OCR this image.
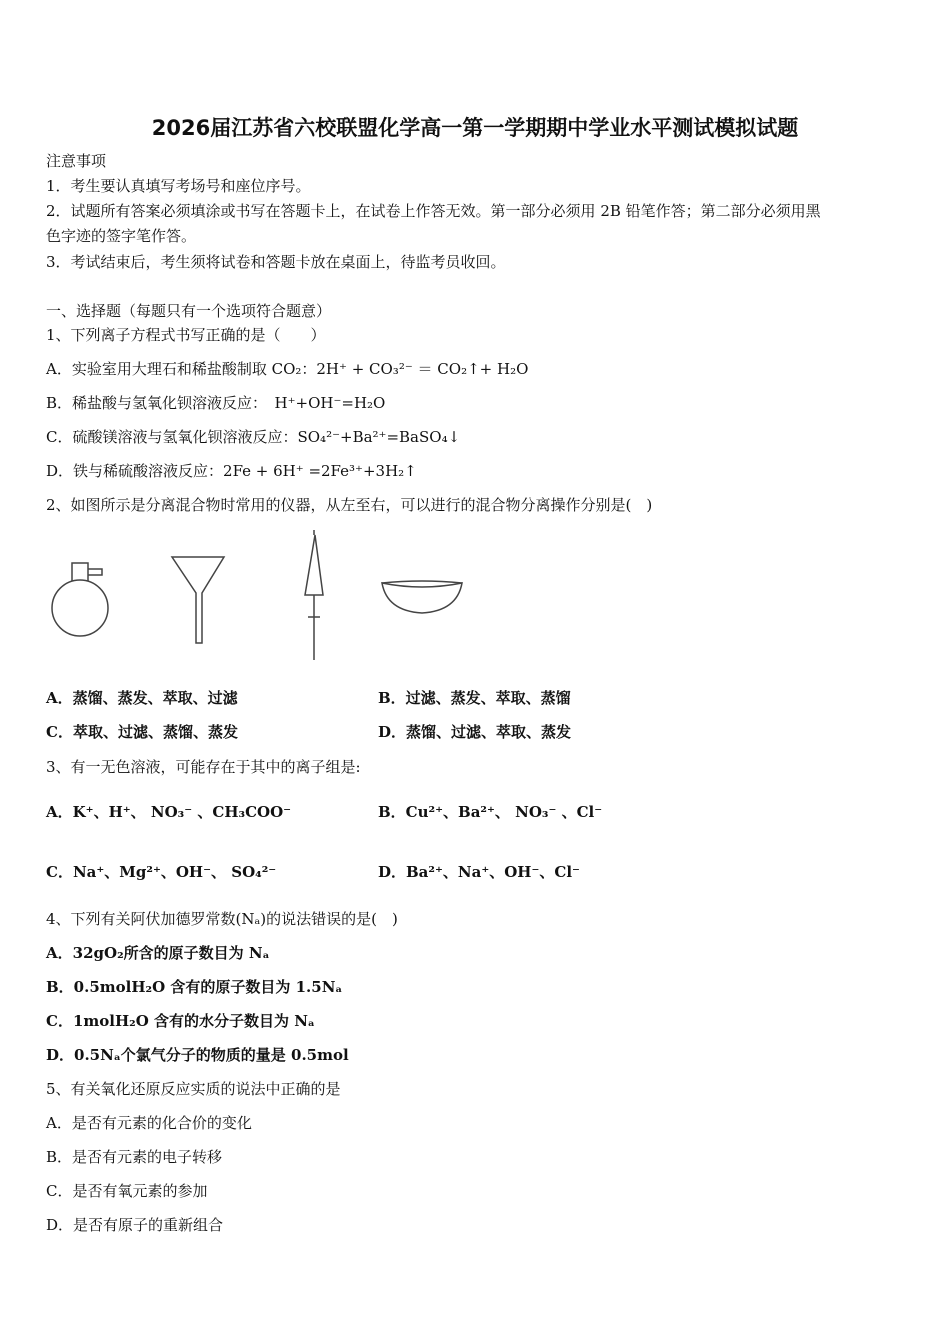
2026届江苏省六校联盟化学高一第一学期期中学业水平测试模拟试题
注意事项
1．考生要认真填写考场号和座位序号。
2．试题所有答案必须填涂或书写在答题卡上，在试卷上作答无效。第一部分必须用 2B 铅笔作答；第二部分必须用黑
色字迹的签字笔作答。
3．考试结束后，考生须将试卷和答题卡放在桌面上，待监考员收回。
一、选择题（每题只有一个选项符合题意）
1、下列离子方程式书写正确的是（　　）
A．实验室用大理石和稀盐酸制取 CO₂：2H⁺ + CO₃²⁻ ＝ CO₂↑+ H₂O
B．稀盐酸与氢氧化钡溶液反应：　H⁺+OH⁻=H₂O
C．硫酸镁溶液与氢氧化钡溶液反应：SO₄²⁻+Ba²⁺=BaSO₄↓
D．铁与稀硫酸溶液反应：2Fe + 6H⁺ =2Fe³⁺+3H₂↑
2、如图所示是分离混合物时常用的仪器，从左至右，可以进行的混合物分离操作分别是(　)
A．蒸馏、蒸发、萃取、过滤	B．过滤、蒸发、萃取、蒸馏
C．萃取、过滤、蒸馏、蒸发	D．蒸馏、过滤、萃取、蒸发
3、有一无色溶液，可能存在于其中的离子组是:
A．K⁺、H⁺、 NO₃⁻ 、CH₃COO⁻	B．Cu²⁺、Ba²⁺、 NO₃⁻ 、Cl⁻
C．Na⁺、Mg²⁺、OH⁻、 SO₄²⁻	D．Ba²⁺、Na⁺、OH⁻、Cl⁻
4、下列有关阿伏加德罗常数(Nₐ)的说法错误的是(　)
A．32gO₂所含的原子数目为 Nₐ
B．0.5molH₂O 含有的原子数目为 1.5Nₐ
C．1molH₂O 含有的水分子数目为 Nₐ
D．0.5Nₐ个氯气分子的物质的量是 0.5mol
5、有关氧化还原反应实质的说法中正确的是
A．是否有元素的化合价的变化
B．是否有元素的电子转移
C．是否有氧元素的参加
D．是否有原子的重新组合
